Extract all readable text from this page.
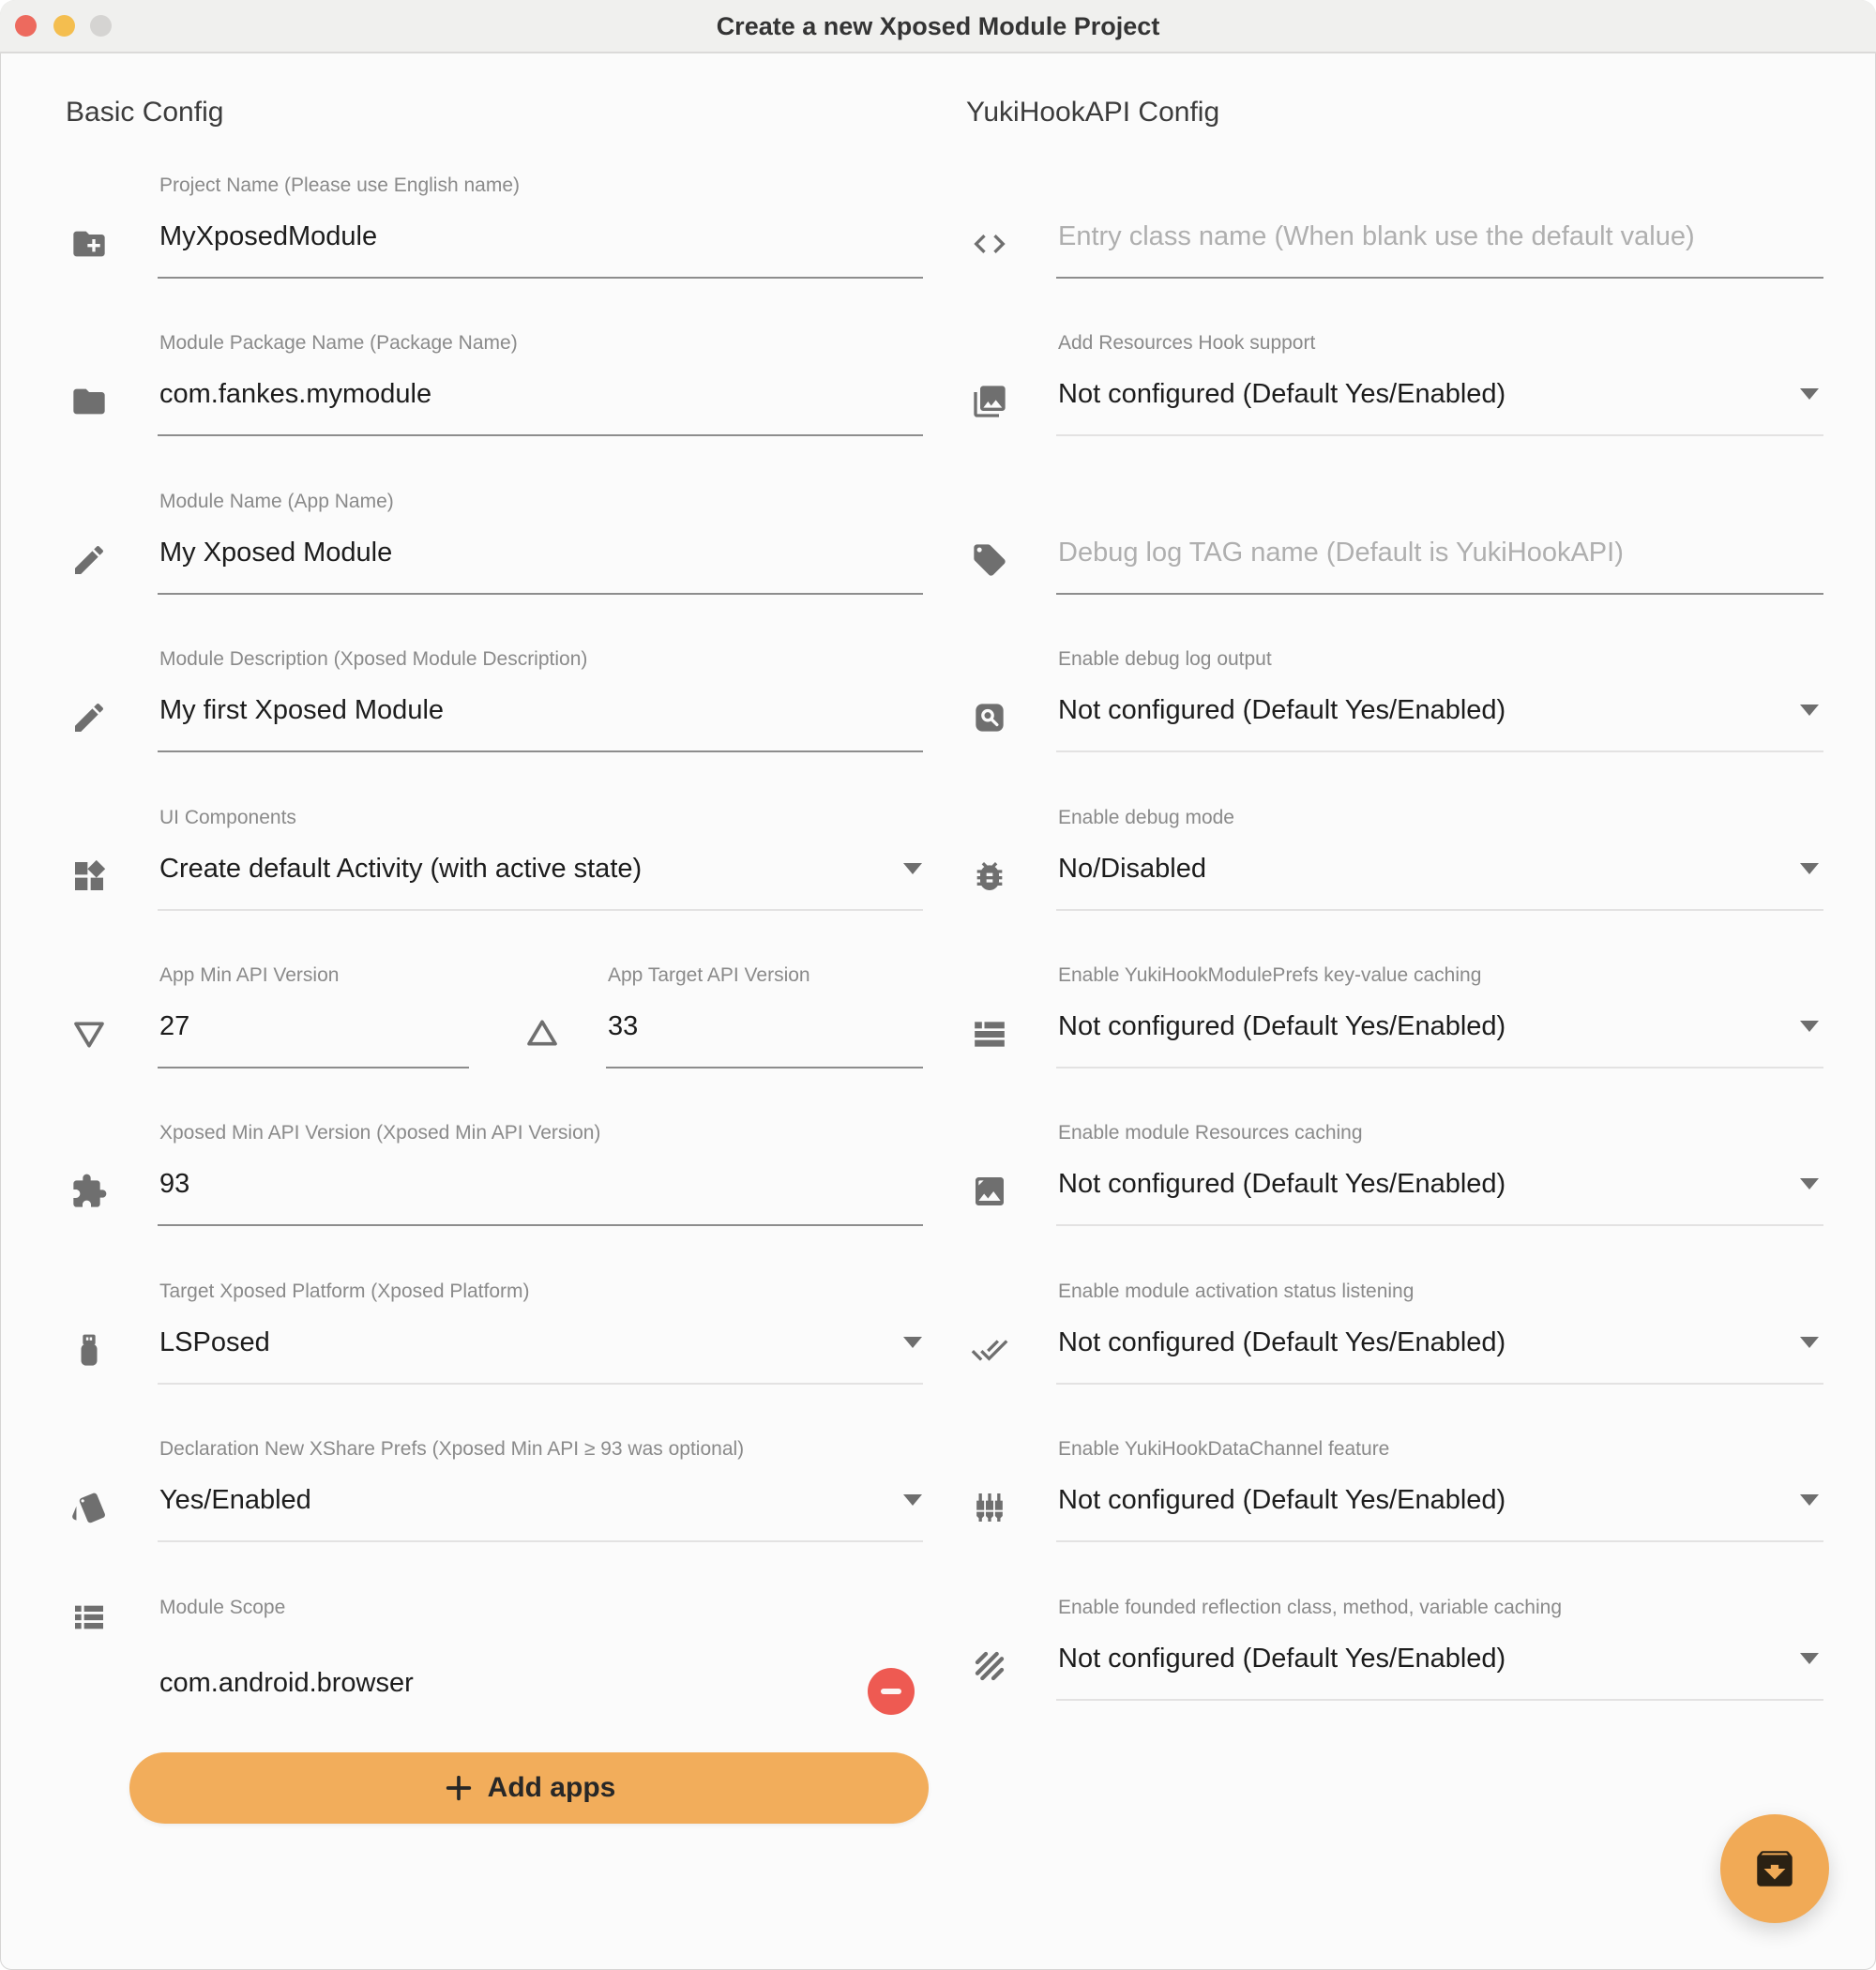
Create a new Xposed Module Project
Basic Config	YukiHookAPI Config
Project Name (Please use English name)
MyXposedModule
Module Package Name (Package Name)
com.fankes.mymodule
Module Name (App Name)
My Xposed Module
Module Description (Xposed Module Description)
My first Xposed Module
UI Components
Create default Activity (with active state)
App Min API Version
27
App Target API Version
33
Xposed Min API Version (Xposed Min API Version)
93
Target Xposed Platform (Xposed Platform)
LSPosed
Declaration New XShare Prefs (Xposed Min API ≥ 93 was optional)
Yes/Enabled
Module Scope
com.android.browser
Entry class name (When blank use the default value)
Add Resources Hook support
Not configured (Default Yes/Enabled)
Debug log TAG name (Default is YukiHookAPI)
Enable debug log output
Not configured (Default Yes/Enabled)
Enable debug mode
No/Disabled
Enable YukiHookModulePrefs key-value caching
Not configured (Default Yes/Enabled)
Enable module Resources caching
Not configured (Default Yes/Enabled)
Enable module activation status listening
Not configured (Default Yes/Enabled)
Enable YukiHookDataChannel feature
Not configured (Default Yes/Enabled)
Enable founded reflection class, method, variable caching
Not configured (Default Yes/Enabled)
Add apps
